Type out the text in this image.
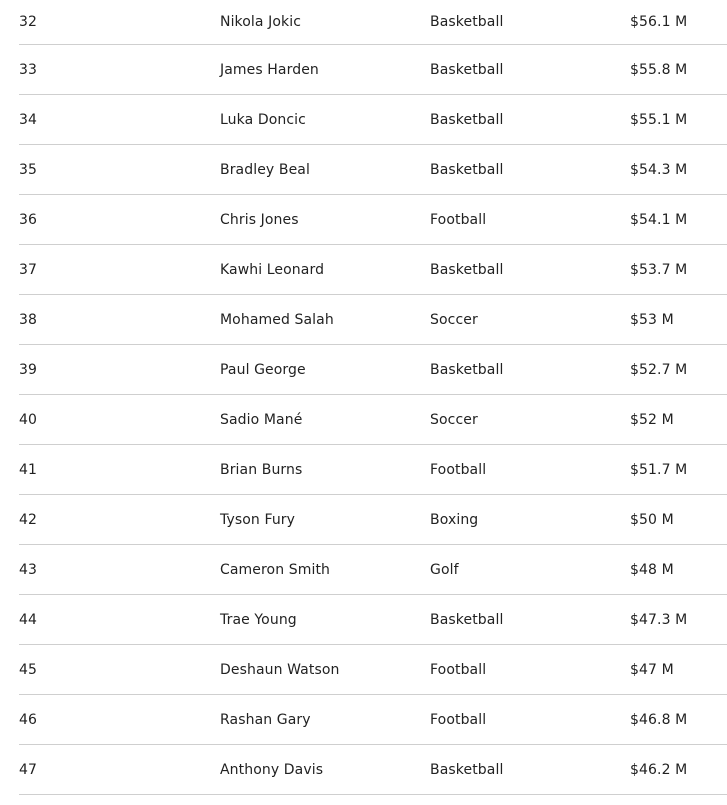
32	Nikola Jokic	Basketball	$56.1 M
33	James Harden	Basketball	$55.8 M
34	Luka Doncic	Basketball	$55.1 M
35	Bradley Beal	Basketball	$54.3 M
36	Chris Jones	Football	$54.1 M
37	Kawhi Leonard	Basketball	$53.7 M
38	Mohamed Salah	Soccer	$53 M
39	Paul George	Basketball	$52.7 M
40	Sadio Mané	Soccer	$52 M
41	Brian Burns	Football	$51.7 M
42	Tyson Fury	Boxing	$50 M
43	Cameron Smith	Golf	$48 M
44	Trae Young	Basketball	$47.3 M
45	Deshaun Watson	Football	$47 M
46	Rashan Gary	Football	$46.8 M
47	Anthony Davis	Basketball	$46.2 M
